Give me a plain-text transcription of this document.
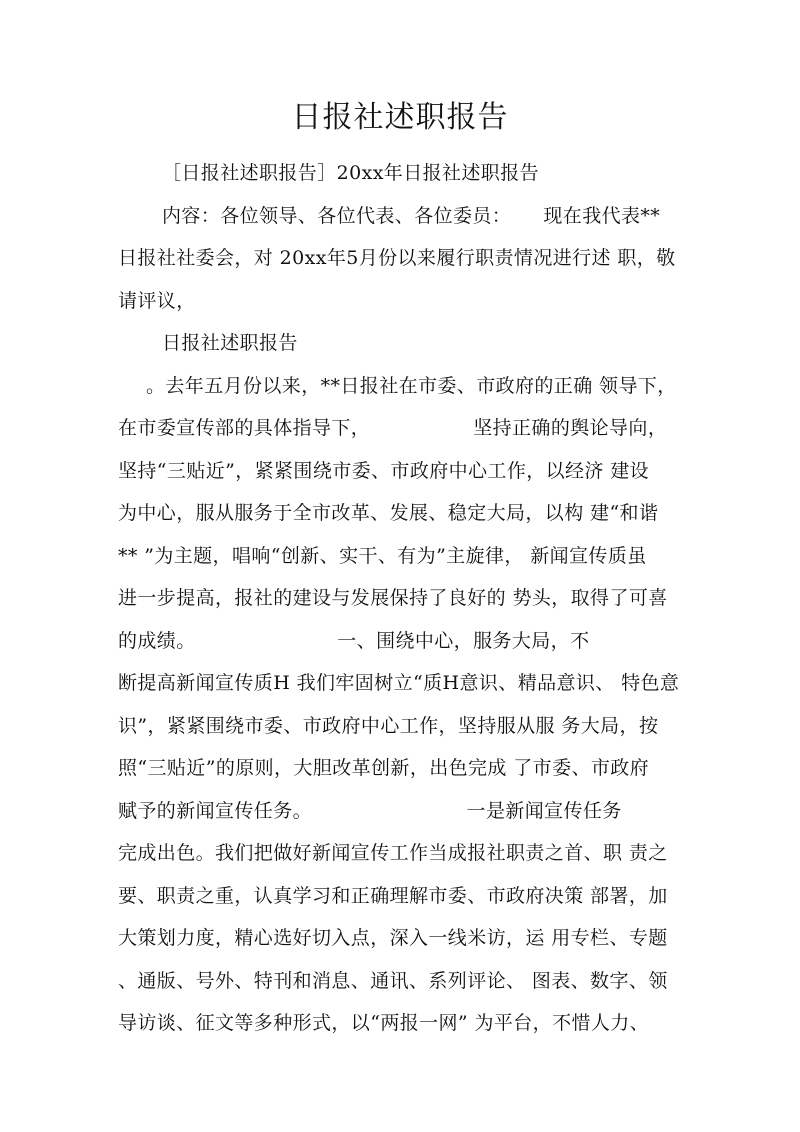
日报社述职报告
［日报社述职报告］20xx年日报社述职报告
内容：各位领导、各位代表、各位委员：     现在我代表**
日报社社委会，对 20xx年5月份以来履行职责情况进行述 职，敬
请评议，
日报社述职报告
。去年五月份以来，**日报社在市委、市政府的正确 领导下，
在市委宣传部的具体指导下，                坚持正确的舆论导向，
坚持“三贴近”，紧紧围绕市委、市政府中心工作，以经济 建设
为中心，服从服务于全市改革、发展、稳定大局，以构 建“和谐
** ”为主题，唱响“创新、实干、有为”主旋律， 新闻宣传质虽
进一步提高，报社的建设与发展保持了良好的 势头，取得了可喜
的成绩。                      一、围绕中心，服务大局，不
断提高新闻宣传质H 我们牢固树立“质H意识、精品意识、 特色意
识”，紧紧围绕市委、市政府中心工作，坚持服从服 务大局，按
照“三贴近”的原则，大胆改革创新，出色完成 了市委、市政府
赋予的新闻宣传任务。                        一是新闻宣传任务
完成出色。我们把做好新闻宣传工作当成报社职责之首、职 责之
要、职责之重，认真学习和正确理解市委、市政府决策 部署，加
大策划力度，精心选好切入点，深入一线米访，运 用专栏、专题
、通版、号外、特刊和消息、通讯、系列评论、 图表、数字、领
导访谈、征文等多种形式，以“两报一网” 为平台，不惜人力、
